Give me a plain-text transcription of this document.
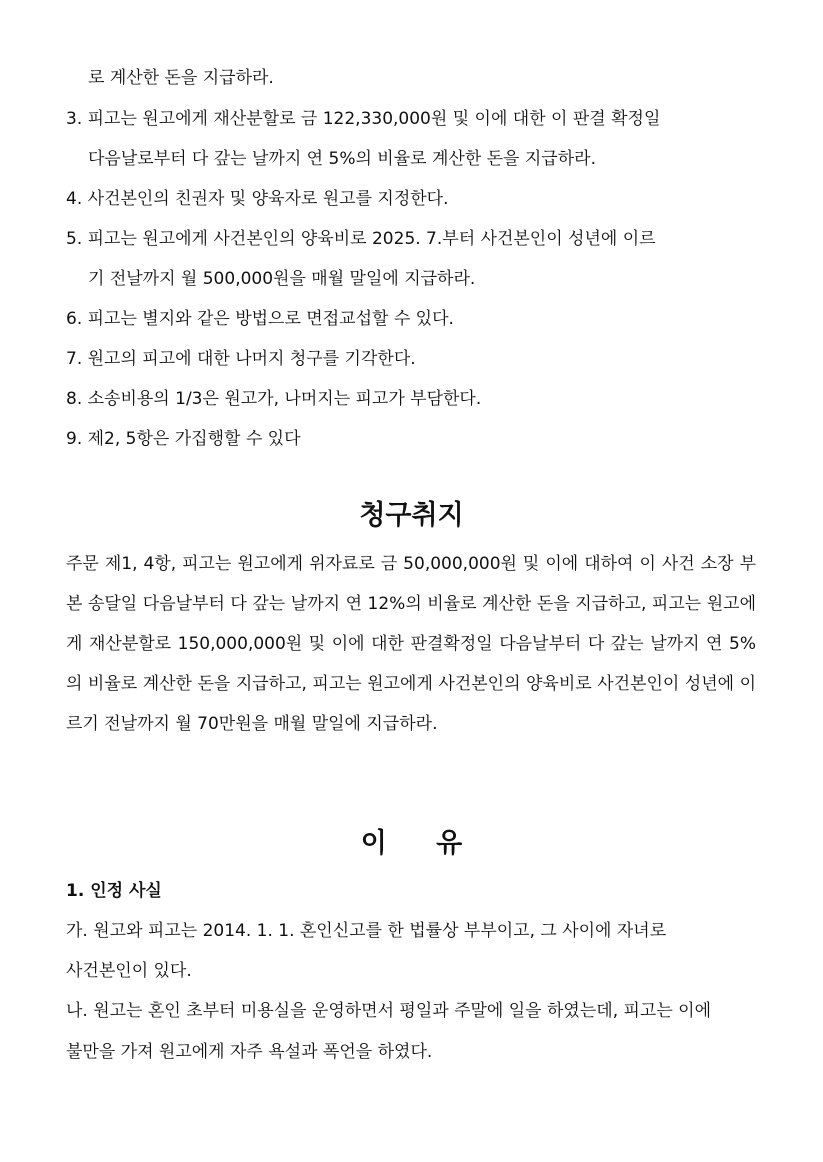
로 계산한 돈을 지급하라.
3. 피고는 원고에게 재산분할로 금 122,330,000원 및 이에 대한 이 판결 확정일
다음날로부터 다 갚는 날까지 연 5%의 비율로 계산한 돈을 지급하라.
4. 사건본인의 친권자 및 양육자로 원고를 지정한다.
5. 피고는 원고에게 사건본인의 양육비로 2025. 7.부터 사건본인이 성년에 이르
기 전날까지 월 500,000원을 매월 말일에 지급하라.
6. 피고는 별지와 같은 방법으로 면접교섭할 수 있다.
7. 원고의 피고에 대한 나머지 청구를 기각한다.
8. 소송비용의 1/3은 원고가, 나머지는 피고가 부담한다.
9. 제2, 5항은 가집행할 수 있다
청구취지
주문 제1, 4항, 피고는 원고에게 위자료로 금 50,000,000원 및 이에 대하여 이 사건 소장 부본 송달일 다음날부터 다 갚는 날까지 연 12%의 비율로 계산한 돈을 지급하고, 피고는 원고에게 재산분할로 150,000,000원 및 이에 대한 판결확정일 다음날부터 다 갚는 날까지 연 5%의 비율로 계산한 돈을 지급하고, 피고는 원고에게 사건본인의 양육비로 사건본인이 성년에 이르기 전날까지 월 70만원을 매월 말일에 지급하라.
이 유
1. 인정 사실
가. 원고와 피고는 2014. 1. 1. 혼인신고를 한 법률상 부부이고, 그 사이에 자녀로
사건본인이 있다.
나. 원고는 혼인 초부터 미용실을 운영하면서 평일과 주말에 일을 하였는데, 피고는 이에
불만을 가져 원고에게 자주 욕설과 폭언을 하였다.
